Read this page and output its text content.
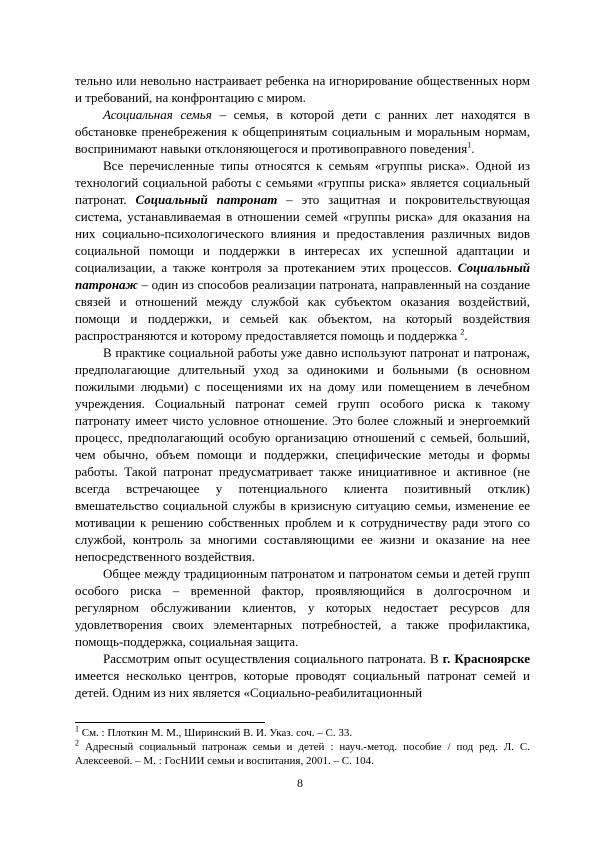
тельно или невольно настраивает ребенка на игнорирование общественных норм и требований, на конфронтацию с миром.

Асоциальная семья – семья, в которой дети с ранних лет находятся в обстановке пренебрежения к общепринятым социальным и моральным нормам, воспринимают навыки отклоняющегося и противоправного поведения$^1$.

Все перечисленные типы относятся к семьям «группы риска». Одной из технологий социальной работы с семьями «группы риска» является социальный патронат. Социальный патронат – это защитная и покровительствующая система, устанавливаемая в отношении семей «группы риска» для оказания на них социально-психологического влияния и предоставления различных видов социальной помощи и поддержки в интересах их успешной адаптации и социализации, а также контроля за протеканием этих процессов. Социальный патронаж – один из способов реализации патроната, направленный на создание связей и отношений между службой как субъектом оказания воздействий, помощи и поддержки, и семьей как объектом, на который воздействия распространяются и которому предоставляется помощь и поддержка $^2$.

В практике социальной работы уже давно используют патронат и патронаж, предполагающие длительный уход за одинокими и больными (в основном пожилыми людьми) с посещениями их на дому или помещением в лечебном учреждения. Социальный патронат семей групп особого риска к такому патронату имеет чисто условное отношение. Это более сложный и энергоемкий процесс, предполагающий особую организацию отношений с семьей, больший, чем обычно, объем помощи и поддержки, специфические методы и формы работы. Такой патронат предусматривает также инициативное и активное (не всегда встречающее у потенциального клиента позитивный отклик) вмешательство социальной службы в кризисную ситуацию семьи, изменение ее мотивации к решению собственных проблем и к сотрудничеству ради этого со службой, контроль за многими составляющими ее жизни и оказание на нее непосредственного воздействия.

Общее между традиционным патронатом и патронатом семьи и детей групп особого риска – временной фактор, проявляющийся в долгосрочном и регулярном обслуживании клиентов, у которых недостает ресурсов для удовлетворения своих элементарных потребностей, а также профилактика, помощь-поддержка, социальная защита.

Рассмотрим опыт осуществления социального патроната. В г. Красноярске имеется несколько центров, которые проводят социальный патронат семей и детей. Одним из них является «Социально-реабилитационный

$^1$ См. : Плоткин М. М., Ширинский В. И. Указ. соч. – С. 33.

$^2$ Адресный социальный патронаж семьи и детей : науч.-метод. пособие / под ред. Л. С. Алексеевой. – М. : ГосНИИ семьи и воспитания, 2001. – С. 104.

8
